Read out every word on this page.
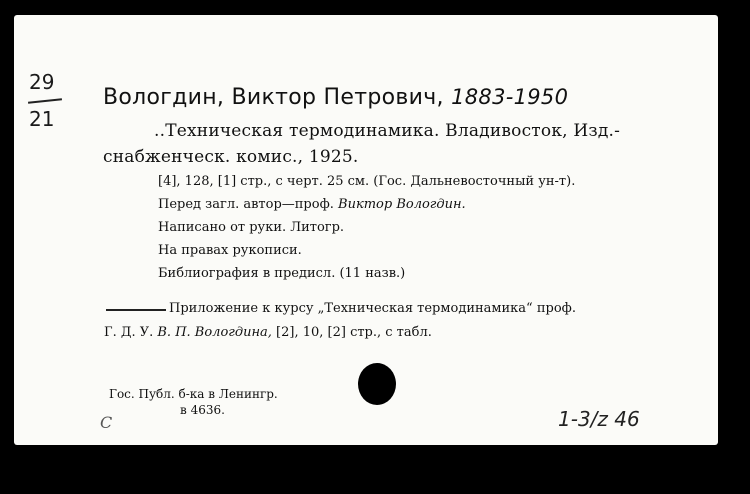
29
21
Вологдин, Виктор Петрович, 1883-1950
..Техническая термодинамика. Владивосток, Изд.-
снабженческ. комис., 1925.
[4], 128, [1] стр., с черт. 25 см. (Гос. Дальневосточный ун-т).
Перед загл. автор—проф. Виктор Вологдин.
Написано от руки. Литогр.
На правах рукописи.
Библиография в предисл. (11 назв.)
Приложение к курсу „Техническая термодинамика“ проф.
Г. Д. У. В. П. Вологдина, [2], 10, [2] стр., с табл.
Гос. Публ. б-ка в Ленингр.
в 4636.
C	1-3/z 46
